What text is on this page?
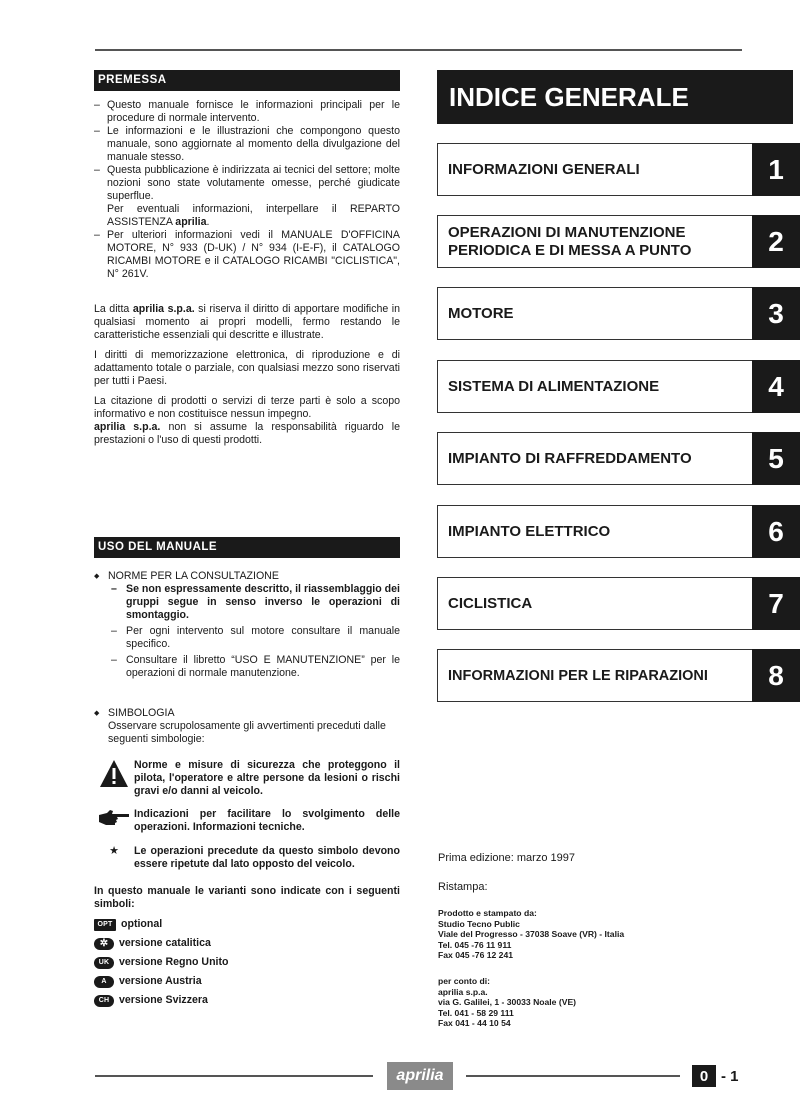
PREMESSA
– Questo manuale fornisce le informazioni principali per le procedure di normale intervento.
– Le informazioni e le illustrazioni che compongono questo manuale, sono aggiornate al momento della divulgazione del manuale stesso.
– Questa pubblicazione è indirizzata ai tecnici del settore; molte nozioni sono state volutamente omesse, perché giudicate superflue.
Per eventuali informazioni, interpellare il REPARTO ASSISTENZA aprilia.
– Per ulteriori informazioni vedi il MANUALE D'OFFICINA MOTORE, N° 933 (D-UK) / N° 934 (I-E-F), il CATALOGO RICAMBI MOTORE e il CATALOGO RICAMBI "CICLISTICA", N° 261V.
La ditta aprilia s.p.a. si riserva il diritto di apportare modifiche in qualsiasi momento ai propri modelli, fermo restando le caratteristiche essenziali qui descritte e illustrate.
I diritti di memorizzazione elettronica, di riproduzione e di adattamento totale o parziale, con qualsiasi mezzo sono riservati per tutti i Paesi.
La citazione di prodotti o servizi di terze parti è solo a scopo informativo e non costituisce nessun impegno.
aprilia s.p.a. non si assume la responsabilità riguardo le prestazioni o l'uso di questi prodotti.
USO DEL MANUALE
◆ NORME PER LA CONSULTAZIONE
– Se non espressamente descritto, il riassemblaggio dei gruppi segue in senso inverso le operazioni di smontaggio.
– Per ogni intervento sul motore consultare il manuale specifico.
– Consultare il libretto “USO E MANUTENZIONE” per le operazioni di normale manutenzione.
◆ SIMBOLOGIA
Osservare scrupolosamente gli avvertimenti preceduti dalle seguenti simbologie:
Norme e misure di sicurezza che proteggono il pilota, l'operatore e altre persone da lesioni o rischi gravi e/o danni al veicolo.
Indicazioni per facilitare lo svolgimento delle operazioni. Informazioni tecniche.
★	Le operazioni precedute da questo simbolo devono essere ripetute dal lato opposto del veicolo.
In questo manuale le varianti sono indicate con i seguenti simboli:
OPT optional
✲	versione catalitica
UK versione Regno Unito
A	versione Austria
CH versione Svizzera
INDICE GENERALE
INFORMAZIONI GENERALI	1
OPERAZIONI DI MANUTENZIONE PERIODICA E DI MESSA A PUNTO	2
MOTORE	3
SISTEMA DI ALIMENTAZIONE	4
IMPIANTO DI RAFFREDDAMENTO	5
IMPIANTO ELETTRICO	6
CICLISTICA	7
INFORMAZIONI PER LE RIPARAZIONI	8
Prima edizione: marzo 1997
Ristampa:
Prodotto e stampato da:
Studio Tecno Public
Viale del Progresso - 37038 Soave (VR) - Italia
Tel. 045 -76 11 911
Fax 045 -76 12 241
per conto di:
aprilia s.p.a.
via G. Galilei, 1 - 30033 Noale (VE)
Tel. 041 - 58 29 111
Fax 041 - 44 10 54
aprilia	0 - 1
